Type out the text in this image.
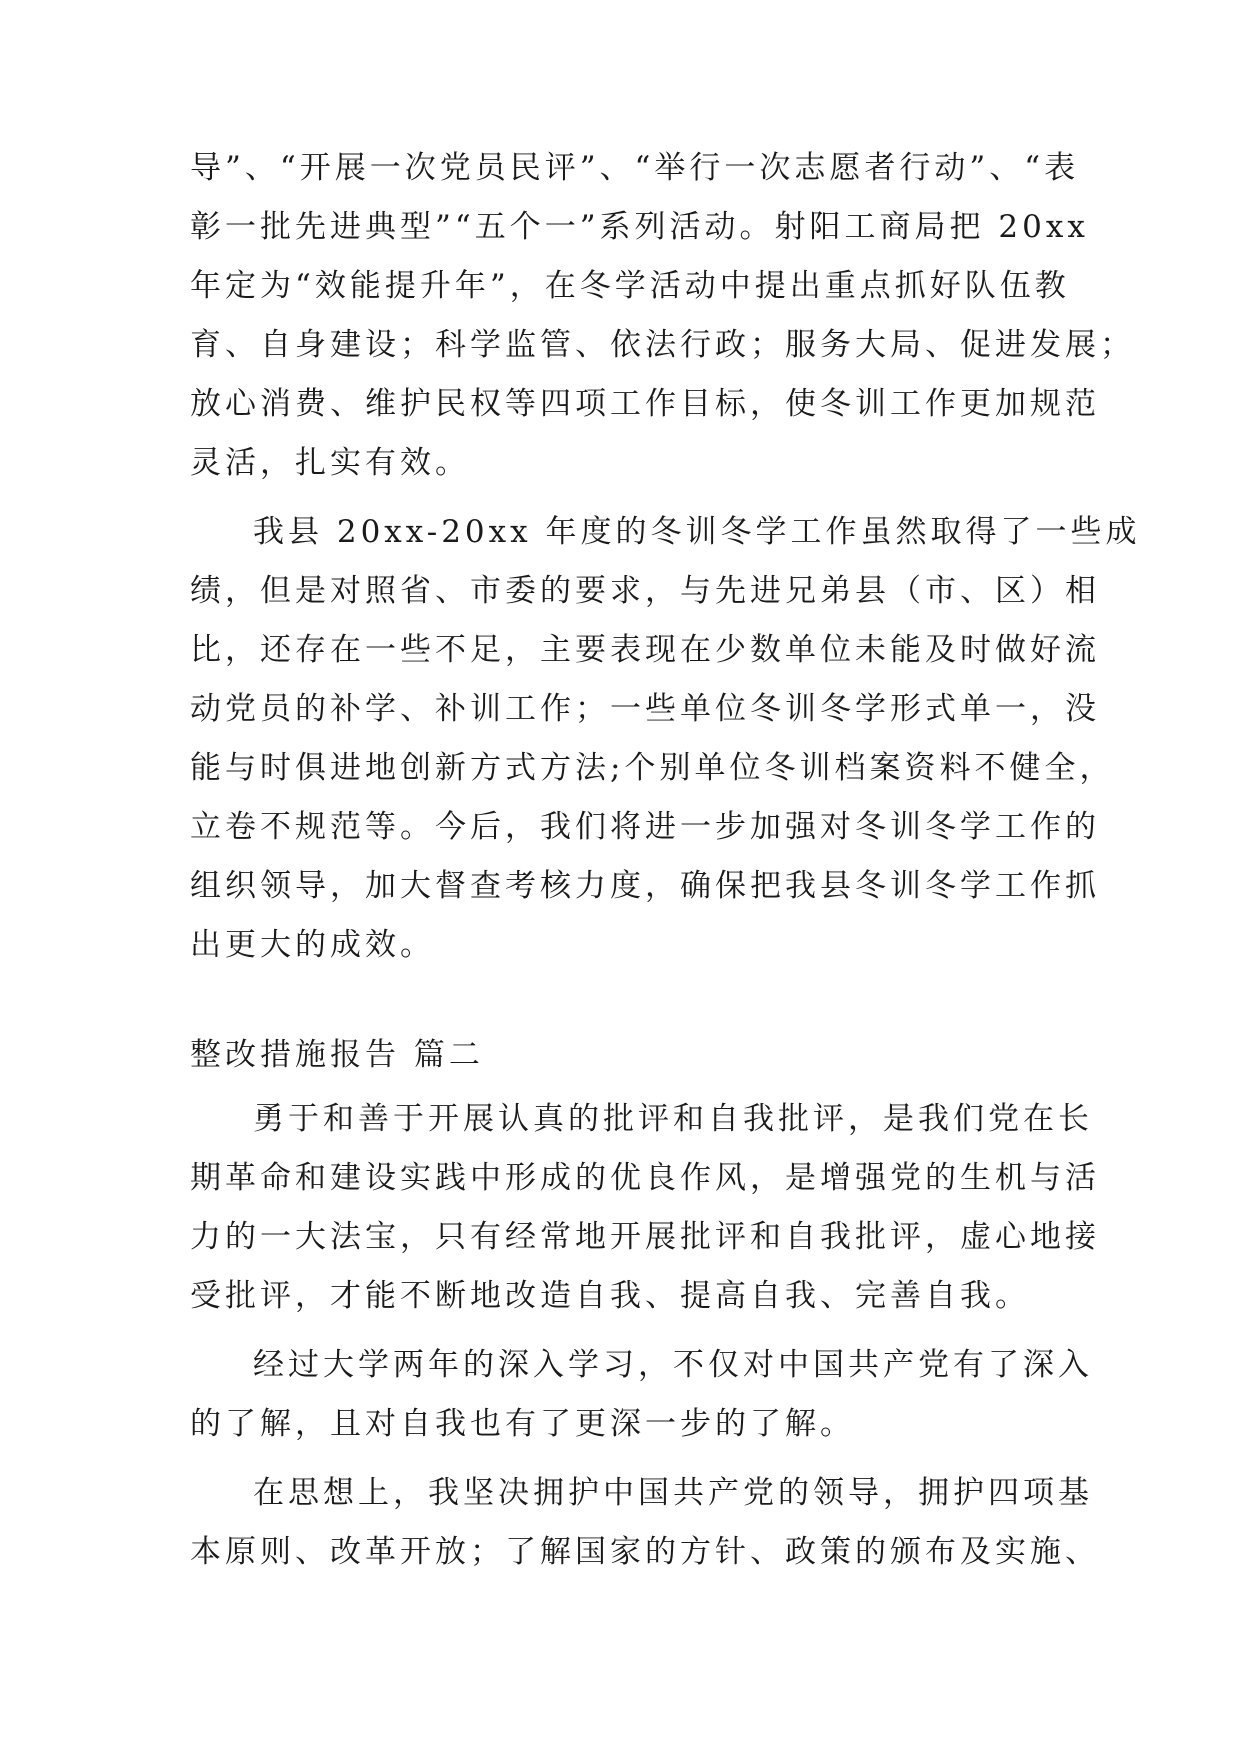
导”、“开展一次党员民评”、“举行一次志愿者行动”、“表
彰一批先进典型”“五个一”系列活动。射阳工商局把 20xx
年定为“效能提升年”，在冬学活动中提出重点抓好队伍教
育、自身建设；科学监管、依法行政；服务大局、促进发展；
放心消费、维护民权等四项工作目标，使冬训工作更加规范
灵活，扎实有效。
我县 20xx-20xx 年度的冬训冬学工作虽然取得了一些成
绩，但是对照省、市委的要求，与先进兄弟县（市、区）相
比，还存在一些不足，主要表现在少数单位未能及时做好流
动党员的补学、补训工作；一些单位冬训冬学形式单一，没
能与时俱进地创新方式方法;个别单位冬训档案资料不健全，
立卷不规范等。今后，我们将进一步加强对冬训冬学工作的
组织领导，加大督查考核力度，确保把我县冬训冬学工作抓
出更大的成效。
整改措施报告 篇二
勇于和善于开展认真的批评和自我批评，是我们党在长
期革命和建设实践中形成的优良作风，是增强党的生机与活
力的一大法宝，只有经常地开展批评和自我批评，虚心地接
受批评，才能不断地改造自我、提高自我、完善自我。
经过大学两年的深入学习，不仅对中国共产党有了深入
的了解，且对自我也有了更深一步的了解。
在思想上，我坚决拥护中国共产党的领导，拥护四项基
本原则、改革开放；了解国家的方针、政策的颁布及实施、
